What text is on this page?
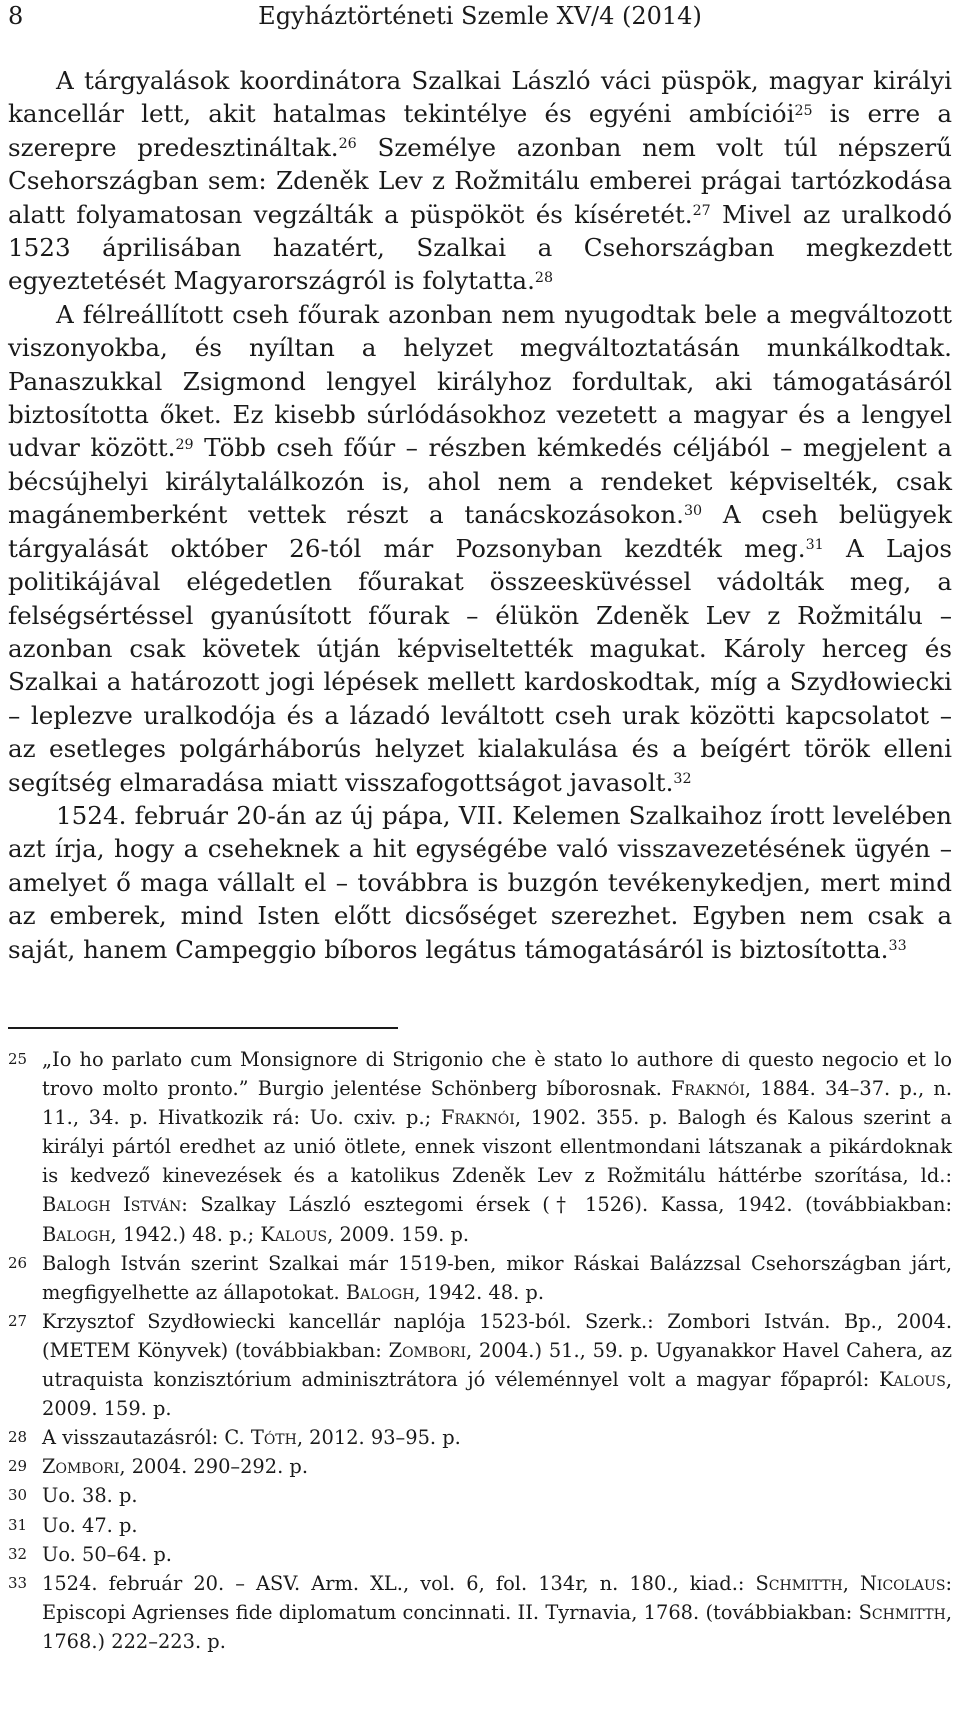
8	Egyháztörténeti Szemle XV/4 (2014)

A tárgyalások koordinátora Szalkai László váci püspök, magyar királyi kancellár lett, akit hatalmas tekintélye és egyéni ambíciói$^{25}$ is erre a szerepre predesztináltak.$^{26}$ Személye azonban nem volt túl népszerű Csehországban sem: Zdeněk Lev z Rožmitálu emberei prágai tartózkodása alatt folyamatosan vegzálták a püspököt és kíséretét.$^{27}$ Mivel az uralkodó 1523 áprilisában hazatért, Szalkai a Csehországban megkezdett egyeztetését Magyarországról is folytatta.$^{28}$

A félreállított cseh főurak azonban nem nyugodtak bele a megváltozott viszonyokba, és nyíltan a helyzet megváltoztatásán munkálkodtak. Panaszukkal Zsigmond lengyel királyhoz fordultak, aki támogatásáról biztosította őket. Ez kisebb súrlódásokhoz vezetett a magyar és a lengyel udvar között.$^{29}$ Több cseh főúr – részben kémkedés céljából – megjelent a bécsújhelyi királytalálkozón is, ahol nem a rendeket képviselték, csak magánemberként vettek részt a tanácskozásokon.$^{30}$ A cseh belügyek tárgyalását október 26-tól már Pozsonyban kezdték meg.$^{31}$ A Lajos politikájával elégedetlen főurakat összeesküvéssel vádolták meg, a felségsértéssel gyanúsított főurak – élükön Zdeněk Lev z Rožmitálu – azonban csak követek útján képviseltették magukat. Károly herceg és Szalkai a határozott jogi lépések mellett kardoskodtak, míg a Szydłowiecki – leplezve uralkodója és a lázadó leváltott cseh urak közötti kapcsolatot – az esetleges polgárháborús helyzet kialakulása és a beígért török elleni segítség elmaradása miatt visszafogottságot javasolt.$^{32}$

1524. február 20-án az új pápa, VII. Kelemen Szalkaihoz írott levelében azt írja, hogy a cseheknek a hit egységébe való visszavezetésének ügyén – amelyet ő maga vállalt el – továbbra is buzgón tevékenykedjen, mert mind az emberek, mind Isten előtt dicsőséget szerezhet. Egyben nem csak a saját, hanem Campeggio bíboros legátus támogatásáról is biztosította.$^{33}$

25 „Io ho parlato cum Monsignore di Strigonio che è stato lo authore di questo negocio et lo trovo molto pronto.” Burgio jelentése Schönberg bíborosnak. Fraknói, 1884. 34–37. p., n. 11., 34. p. Hivatkozik rá: Uo. cxiv. p.; Fraknói, 1902. 355. p. Balogh és Kalous szerint a királyi pártól eredhet az unió ötlete, ennek viszont ellentmondani látszanak a pikárdoknak is kedvező kinevezések és a katolikus Zdeněk Lev z Rožmitálu háttérbe szorítása, ld.: Balogh István: Szalkay László esztegomi érsek († 1526). Kassa, 1942. (továbbiakban: Balogh, 1942.) 48. p.; Kalous, 2009. 159. p.
26 Balogh István szerint Szalkai már 1519-ben, mikor Ráskai Balázzsal Csehországban járt, megfigyelhette az állapotokat. Balogh, 1942. 48. p.
27 Krzysztof Szydłowiecki kancellár naplója 1523-ból. Szerk.: Zombori István. Bp., 2004. (METEM Könyvek) (továbbiakban: Zombori, 2004.) 51., 59. p. Ugyanakkor Havel Cahera, az utraquista konzisztórium adminisztrátora jó véleménnyel volt a magyar főpapról: Kalous, 2009. 159. p.
28 A visszautazásról: C. Tóth, 2012. 93–95. p.
29 Zombori, 2004. 290–292. p.
30 Uo. 38. p.
31 Uo. 47. p.
32 Uo. 50–64. p.
33 1524. február 20. – ASV. Arm. XL., vol. 6, fol. 134r, n. 180., kiad.: Schmitth, Nicolaus: Episcopi Agrienses fide diplomatum concinnati. II. Tyrnavia, 1768. (továbbiakban: Schmitth, 1768.) 222–223. p.
